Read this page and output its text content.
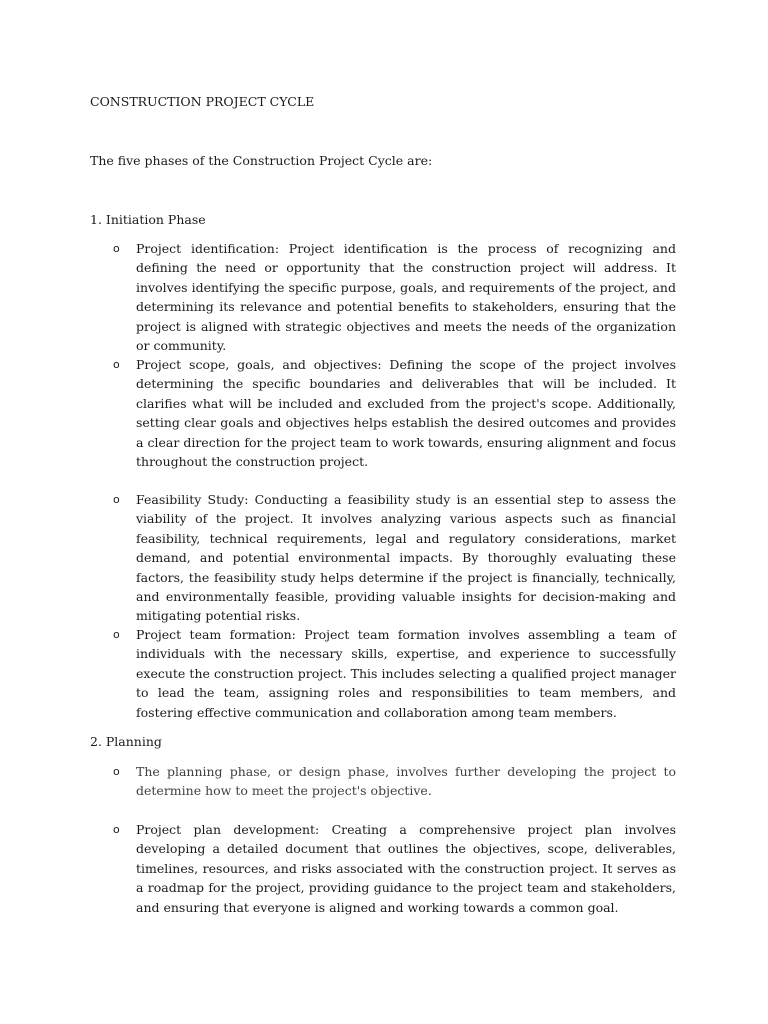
CONSTRUCTION PROJECT CYCLE
The five phases of the Construction Project Cycle are:
1. Initiation Phase
o	Project identification: Project identification is the process of recognizing and defining the need or opportunity that the construction project will address. It involves identifying the specific purpose, goals, and requirements of the project, and determining its relevance and potential benefits to stakeholders, ensuring that the project is aligned with strategic objectives and meets the needs of the organization or community.
o	Project scope, goals, and objectives: Defining the scope of the project involves determining the specific boundaries and deliverables that will be included. It clarifies what will be included and excluded from the project's scope. Additionally, setting clear goals and objectives helps establish the desired outcomes and provides a clear direction for the project team to work towards, ensuring alignment and focus throughout the construction project.
o	Feasibility Study: Conducting a feasibility study is an essential step to assess the viability of the project. It involves analyzing various aspects such as financial feasibility, technical requirements, legal and regulatory considerations, market demand, and potential environmental impacts. By thoroughly evaluating these factors, the feasibility study helps determine if the project is financially, technically, and environmentally feasible, providing valuable insights for decision-making and mitigating potential risks.
o	Project team formation: Project team formation involves assembling a team of individuals with the necessary skills, expertise, and experience to successfully execute the construction project. This includes selecting a qualified project manager to lead the team, assigning roles and responsibilities to team members, and fostering effective communication and collaboration among team members.
2. Planning
o	The planning phase, or design phase, involves further developing the project to determine how to meet the project's objective.
o	Project plan development: Creating a comprehensive project plan involves developing a detailed document that outlines the objectives, scope, deliverables, timelines, resources, and risks associated with the construction project. It serves as a roadmap for the project, providing guidance to the project team and stakeholders, and ensuring that everyone is aligned and working towards a common goal.
